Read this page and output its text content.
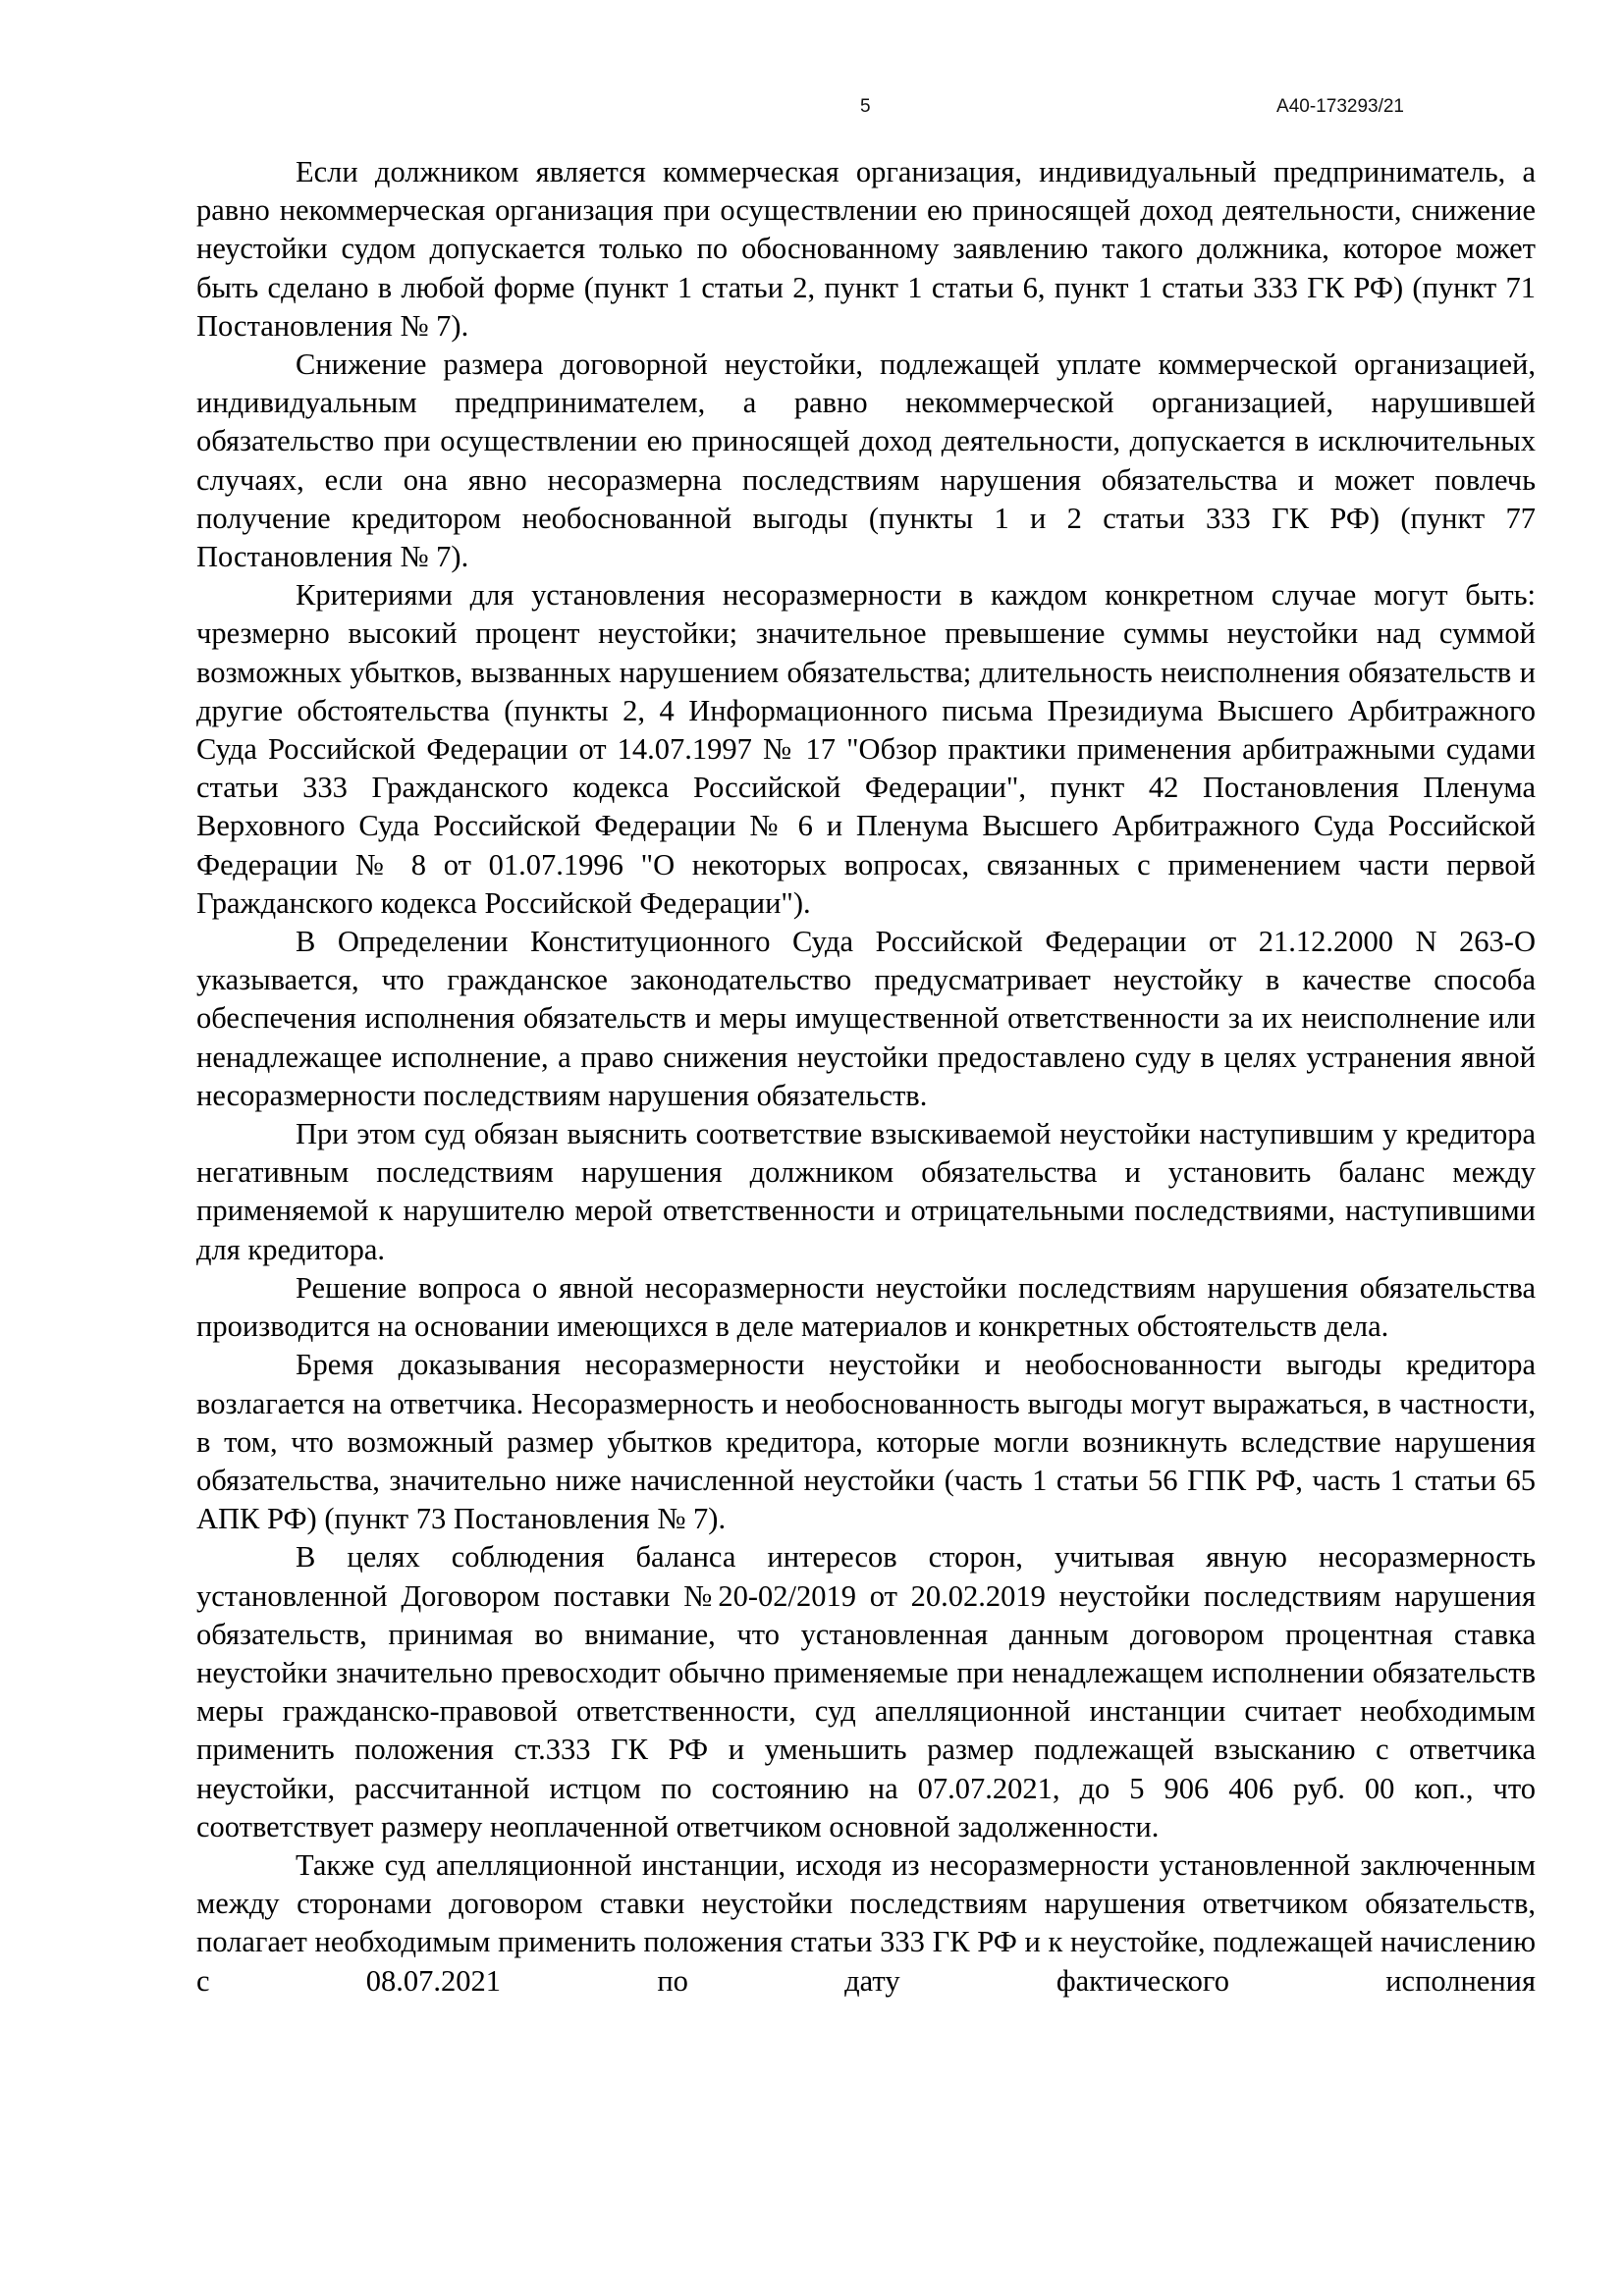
5	А40-173293/21

Если должником является коммерческая организация, индивидуальный предприниматель, а равно некоммерческая организация при осуществлении ею приносящей доход деятельности, снижение неустойки судом допускается только по обоснованному заявлению такого должника, которое может быть сделано в любой форме (пункт 1 статьи 2, пункт 1 статьи 6, пункт 1 статьи 333 ГК РФ) (пункт 71 Постановления № 7).

Снижение размера договорной неустойки, подлежащей уплате коммерческой организацией, индивидуальным предпринимателем, а равно некоммерческой организацией, нарушившей обязательство при осуществлении ею приносящей доход деятельности, допускается в исключительных случаях, если она явно несоразмерна последствиям нарушения обязательства и может повлечь получение кредитором необоснованной выгоды (пункты 1 и 2 статьи 333 ГК РФ) (пункт 77 Постановления № 7).

Критериями для установления несоразмерности в каждом конкретном случае могут быть: чрезмерно высокий процент неустойки; значительное превышение суммы неустойки над суммой возможных убытков, вызванных нарушением обязательства; длительность неисполнения обязательств и другие обстоятельства (пункты 2, 4 Информационного письма Президиума Высшего Арбитражного Суда Российской Федерации от 14.07.1997 № 17 "Обзор практики применения арбитражными судами статьи 333 Гражданского кодекса Российской Федерации", пункт 42 Постановления Пленума Верховного Суда Российской Федерации № 6 и Пленума Высшего Арбитражного Суда Российской Федерации № 8 от 01.07.1996 "О некоторых вопросах, связанных с применением части первой Гражданского кодекса Российской Федерации").

В Определении Конституционного Суда Российской Федерации от 21.12.2000 N 263-О указывается, что гражданское законодательство предусматривает неустойку в качестве способа обеспечения исполнения обязательств и меры имущественной ответственности за их неисполнение или ненадлежащее исполнение, а право снижения неустойки предоставлено суду в целях устранения явной несоразмерности последствиям нарушения обязательств.

При этом суд обязан выяснить соответствие взыскиваемой неустойки наступившим у кредитора негативным последствиям нарушения должником обязательства и установить баланс между применяемой к нарушителю мерой ответственности и отрицательными последствиями, наступившими для кредитора.

Решение вопроса о явной несоразмерности неустойки последствиям нарушения обязательства производится на основании имеющихся в деле материалов и конкретных обстоятельств дела.

Бремя доказывания несоразмерности неустойки и необоснованности выгоды кредитора возлагается на ответчика. Несоразмерность и необоснованность выгоды могут выражаться, в частности, в том, что возможный размер убытков кредитора, которые могли возникнуть вследствие нарушения обязательства, значительно ниже начисленной неустойки (часть 1 статьи 56 ГПК РФ, часть 1 статьи 65 АПК РФ) (пункт 73 Постановления № 7).

В целях соблюдения баланса интересов сторон, учитывая явную несоразмерность установленной Договором поставки №20-02/2019 от 20.02.2019 неустойки последствиям нарушения обязательств, принимая во внимание, что установленная данным договором процентная ставка неустойки значительно превосходит обычно применяемые при ненадлежащем исполнении обязательств меры гражданско-правовой ответственности, суд апелляционной инстанции считает необходимым применить положения ст.333 ГК РФ и уменьшить размер подлежащей взысканию с ответчика неустойки, рассчитанной истцом по состоянию на 07.07.2021, до 5 906 406 руб. 00 коп., что соответствует размеру неоплаченной ответчиком основной задолженности.

Также суд апелляционной инстанции, исходя из несоразмерности установленной заключенным между сторонами договором ставки неустойки последствиям нарушения ответчиком обязательств, полагает необходимым применить положения статьи 333 ГК РФ и к неустойке, подлежащей начислению с 08.07.2021 по дату фактического исполнения
